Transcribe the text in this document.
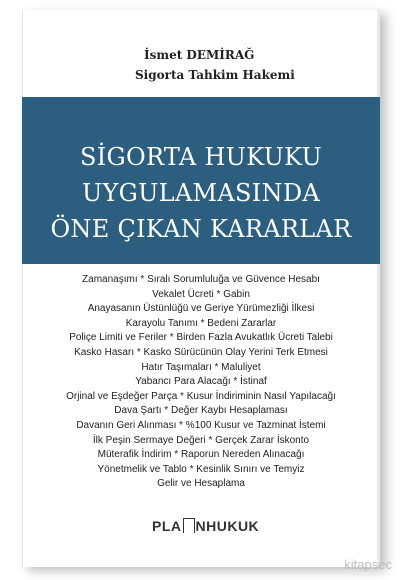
İsmet DEMİRAĞ
Sigorta Tahkim Hakemi
SİGORTA HUKUKU
UYGULAMASINDA
ÖNE ÇIKAN KARARLAR
Zamanaşımı * Sıralı Sorumluluğa ve Güvence Hesabı
Vekalet Ücreti * Gabin
Anayasanın Üstünlüğü ve Geriye Yürümezliği İlkesi
Karayolu Tanımı * Bedeni Zararlar
Poliçe Limiti ve Feriler * Birden Fazla Avukatlık Ücreti Talebi
Kasko Hasarı * Kasko Sürücünün Olay Yerini Terk Etmesi
Hatır Taşımaları * Maluliyet
Yabancı Para Alacağı * İstinaf
Orjinal ve Eşdeğer Parça * Kusur İndiriminin Nasıl Yapılacağı
Dava Şartı * Değer Kaybı Hesaplaması
Davanın Geri Alınması * %100 Kusur ve Tazminat İstemi
İlk Peşin Sermaye Değeri * Gerçek Zarar İskonto
Müterafik İndirim * Raporun Nereden Alınacağı
Yönetmelik ve Tablo * Kesinlik Sınırı ve Temyiz
Gelir ve Hesaplama
PLA NHUKUK
kitapsec
